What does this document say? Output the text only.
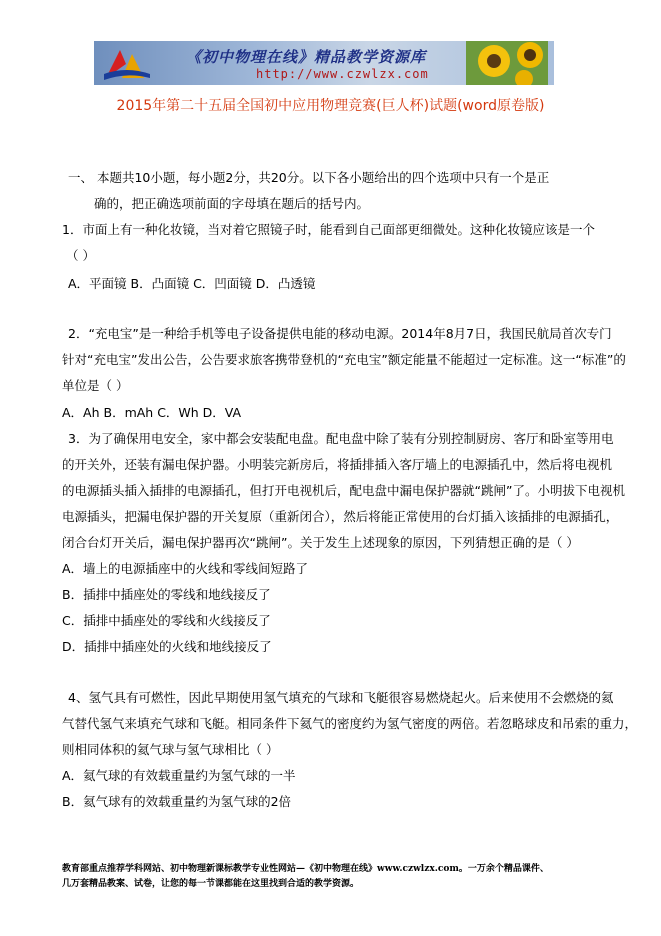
《初中物理在线》精品教学资源库
http://www.czwlzx.com
2015年第二十五届全国初中应用物理竞赛(巨人杯)试题(word原卷版)
一、 本题共10小题，每小题2分，共20分。以下各小题给出的四个选项中只有一个是正
确的，把正确选项前面的字母填在题后的括号内。
1．市面上有一种化妆镜，当对着它照镜子时，能看到自己面部更细微处。这种化妆镜应该是一个
（ ）
A．平面镜 B．凸面镜 C．凹面镜 D．凸透镜
2．“充电宝”是一种给手机等电子设备提供电能的移动电源。2014年8月7日，我国民航局首次专门
针对“充电宝”发出公告，公告要求旅客携带登机的“充电宝”额定能量不能超过一定标准。这一“标准”的
单位是（ ）
A．Ah B．mAh C．Wh D．VA
3．为了确保用电安全，家中都会安装配电盘。配电盘中除了装有分别控制厨房、客厅和卧室等用电
的开关外，还装有漏电保护器。小明装完新房后，将插排插入客厅墙上的电源插孔中，然后将电视机
的电源插头插入插排的电源插孔，但打开电视机后，配电盘中漏电保护器就“跳闸”了。小明拔下电视机
电源插头，把漏电保护器的开关复原（重新闭合），然后将能正常使用的台灯插入该插排的电源插孔，
闭合台灯开关后，漏电保护器再次“跳闸”。关于发生上述现象的原因，下列猜想正确的是（ ）
A．墙上的电源插座中的火线和零线间短路了
B．插排中插座处的零线和地线接反了
C．插排中插座处的零线和火线接反了
D．插排中插座处的火线和地线接反了
4、氢气具有可燃性，因此早期使用氢气填充的气球和飞艇很容易燃烧起火。后来使用不会燃烧的氦
气替代氢气来填充气球和飞艇。相同条件下氦气的密度约为氢气密度的两倍。若忽略球皮和吊索的重力，
则相同体积的氦气球与氢气球相比（ ）
A．氦气球的有效载重量约为氢气球的一半
B．氦气球有的效载重量约为氢气球的2倍
教育部重点推荐学科网站、初中物理新课标教学专业性网站—《初中物理在线》www.czwlzx.com。一万余个精品课件、
几万套精品教案、试卷，让您的每一节课都能在这里找到合适的教学资源。
